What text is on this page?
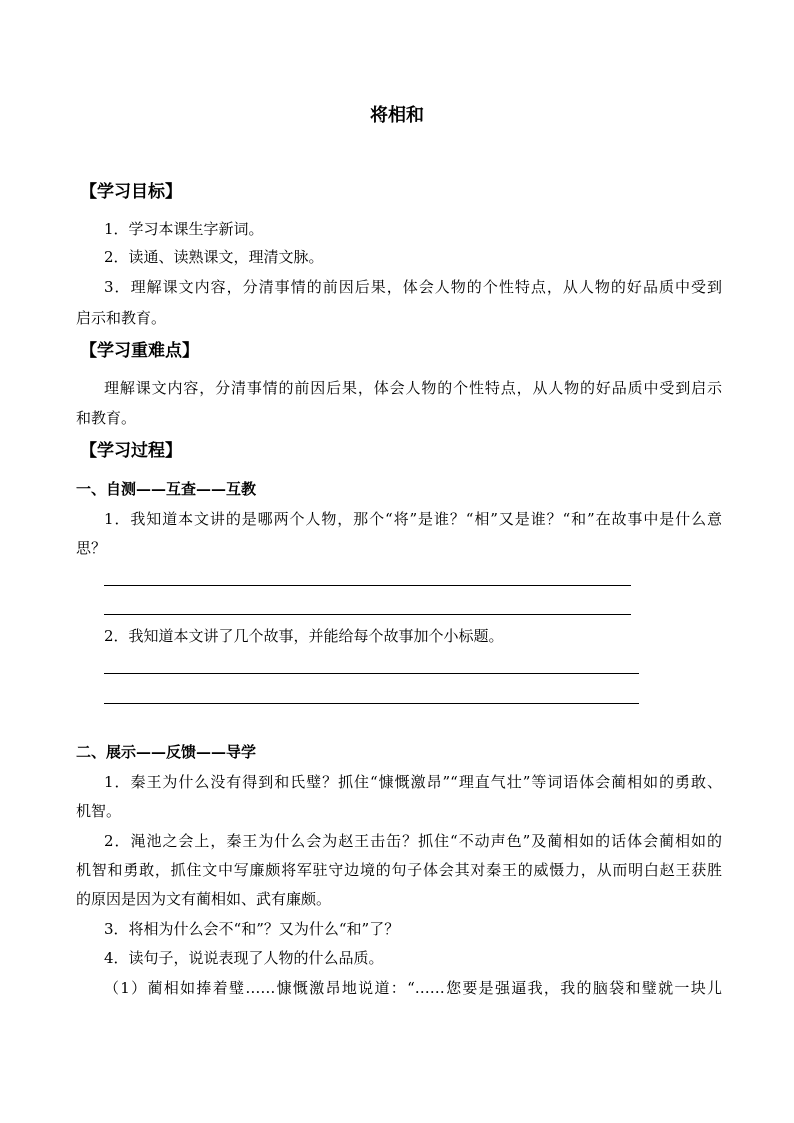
将相和
【学习目标】
1．学习本课生字新词。
2．读通、读熟课文，理清文脉。
3．理解课文内容，分清事情的前因后果，体会人物的个性特点，从人物的好品质中受到
启示和教育。
【学习重难点】
理解课文内容，分清事情的前因后果，体会人物的个性特点，从人物的好品质中受到启示
和教育。
【学习过程】
一、自测——互查——互教
1．我知道本文讲的是哪两个人物，那个“将”是谁？“相”又是谁？“和”在故事中是什么意
思？
2．我知道本文讲了几个故事，并能给每个故事加个小标题。
二、展示——反馈——导学
1．秦王为什么没有得到和氏璧？抓住“慷慨激昂”“理直气壮”等词语体会蔺相如的勇敢、
机智。
2．渑池之会上，秦王为什么会为赵王击缶？抓住“不动声色”及蔺相如的话体会蔺相如的
机智和勇敢，抓住文中写廉颇将军驻守边境的句子体会其对秦王的威慑力，从而明白赵王获胜
的原因是因为文有蔺相如、武有廉颇。
3．将相为什么会不“和”？又为什么“和”了？
4．读句子，说说表现了人物的什么品质。
（1）蔺相如捧着璧……慷慨激昂地说道：“……您要是强逼我，我的脑袋和璧就一块儿
